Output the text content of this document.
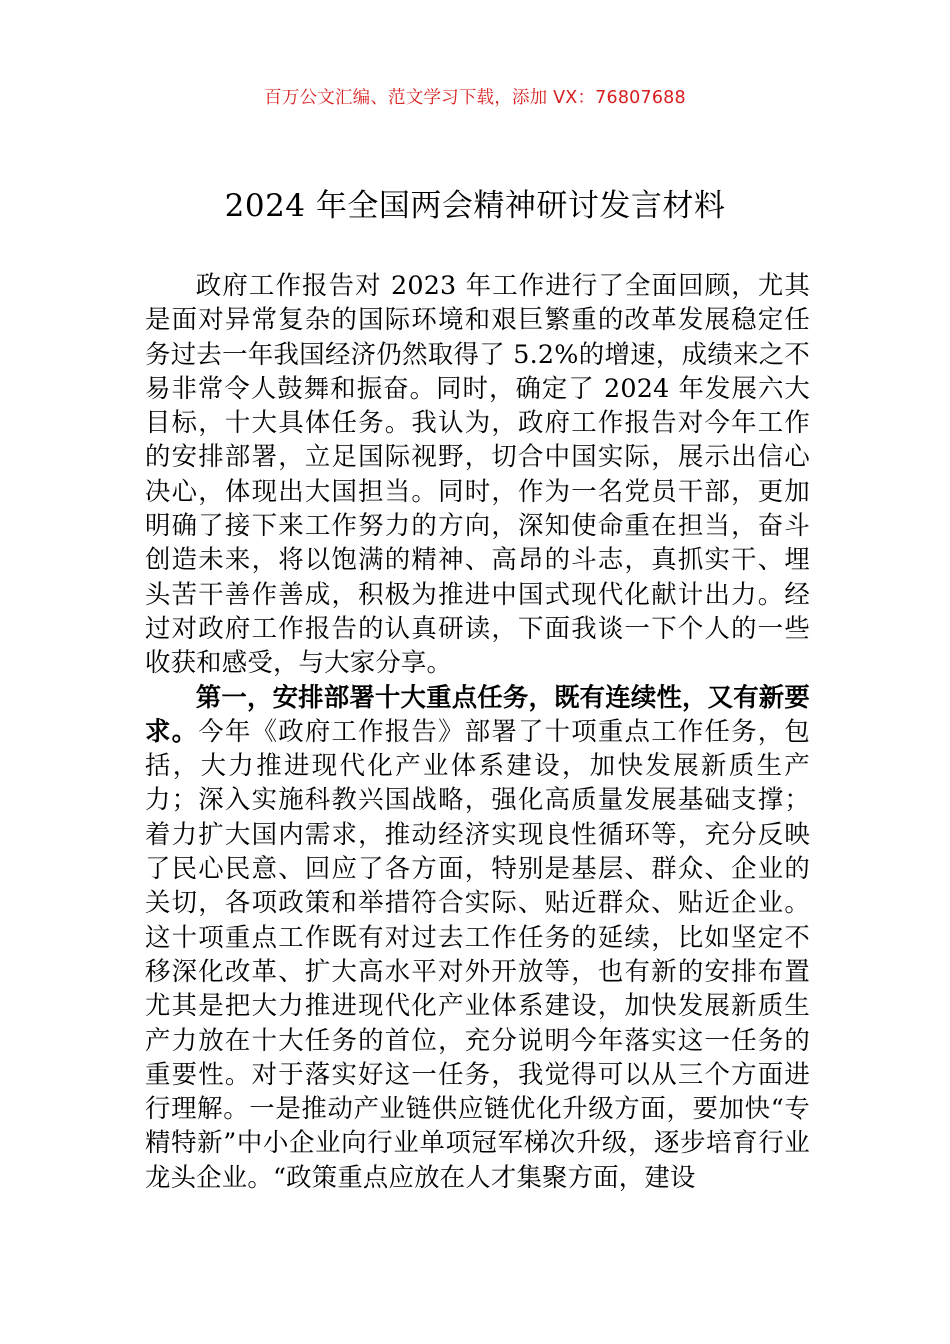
百万公文汇编、范文学习下载，添加 VX：76807688
2024 年全国两会精神研讨发言材料

政府工作报告对 2023 年工作进行了全面回顾，尤其是面对异常复杂的国际环境和艰巨繁重的改革发展稳定任务过去一年我国经济仍然取得了 5.2%的增速，成绩来之不易非常令人鼓舞和振奋。同时，确定了 2024 年发展六大目标，十大具体任务。我认为，政府工作报告对今年工作的安排部署，立足国际视野，切合中国实际，展示出信心决心，体现出大国担当。同时，作为一名党员干部，更加明确了接下来工作努力的方向，深知使命重在担当，奋斗创造未来，将以饱满的精神、高昂的斗志，真抓实干、埋头苦干善作善成，积极为推进中国式现代化献计出力。经过对政府工作报告的认真研读，下面我谈一下个人的一些收获和感受，与大家分享。

第一，安排部署十大重点任务，既有连续性，又有新要求。今年《政府工作报告》部署了十项重点工作任务，包括，大力推进现代化产业体系建设，加快发展新质生产力；深入实施科教兴国战略，强化高质量发展基础支撑；着力扩大国内需求，推动经济实现良性循环等，充分反映了民心民意、回应了各方面，特别是基层、群众、企业的关切，各项政策和举措符合实际、贴近群众、贴近企业。这十项重点工作既有对过去工作任务的延续，比如坚定不移深化改革、扩大高水平对外开放等，也有新的安排布置尤其是把大力推进现代化产业体系建设，加快发展新质生产力放在十大任务的首位，充分说明今年落实这一任务的重要性。对于落实好这一任务，我觉得可以从三个方面进行理解。一是推动产业链供应链优化升级方面，要加快“专精特新”中小企业向行业单项冠军梯次升级，逐步培育行业龙头企业。“政策重点应放在人才集聚方面，建设
